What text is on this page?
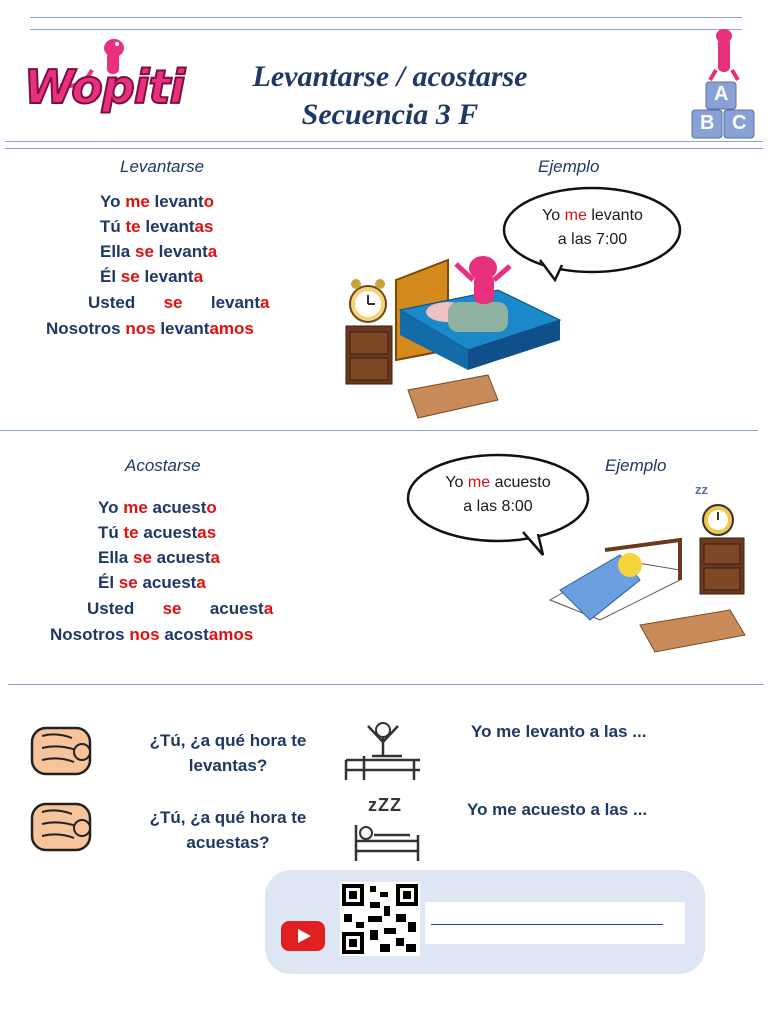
Wopiti	Levantarse / acostarse
Secuencia 3 F
A
B C
Levantarse	Ejemplo
Yo me levanto
Tú te levantas
Ella se levanta
Él se levanta
Usted se levanta
Nosotros nos levantamos
Yo me levanto
a las 7:00
Acostarse	Ejemplo
Yo me acuesto
Tú te acuestas
Ella se acuesta
Él se acuesta
Usted se acuesta
Nosotros nos acostamos
Yo me acuesto
a las 8:00
zz
¿Tú, ¿a qué hora te
levantas?
Yo me levanto a las ...
¿Tú, ¿a qué hora te
acuestas?
zZZ	Yo me acuesto a las ...
